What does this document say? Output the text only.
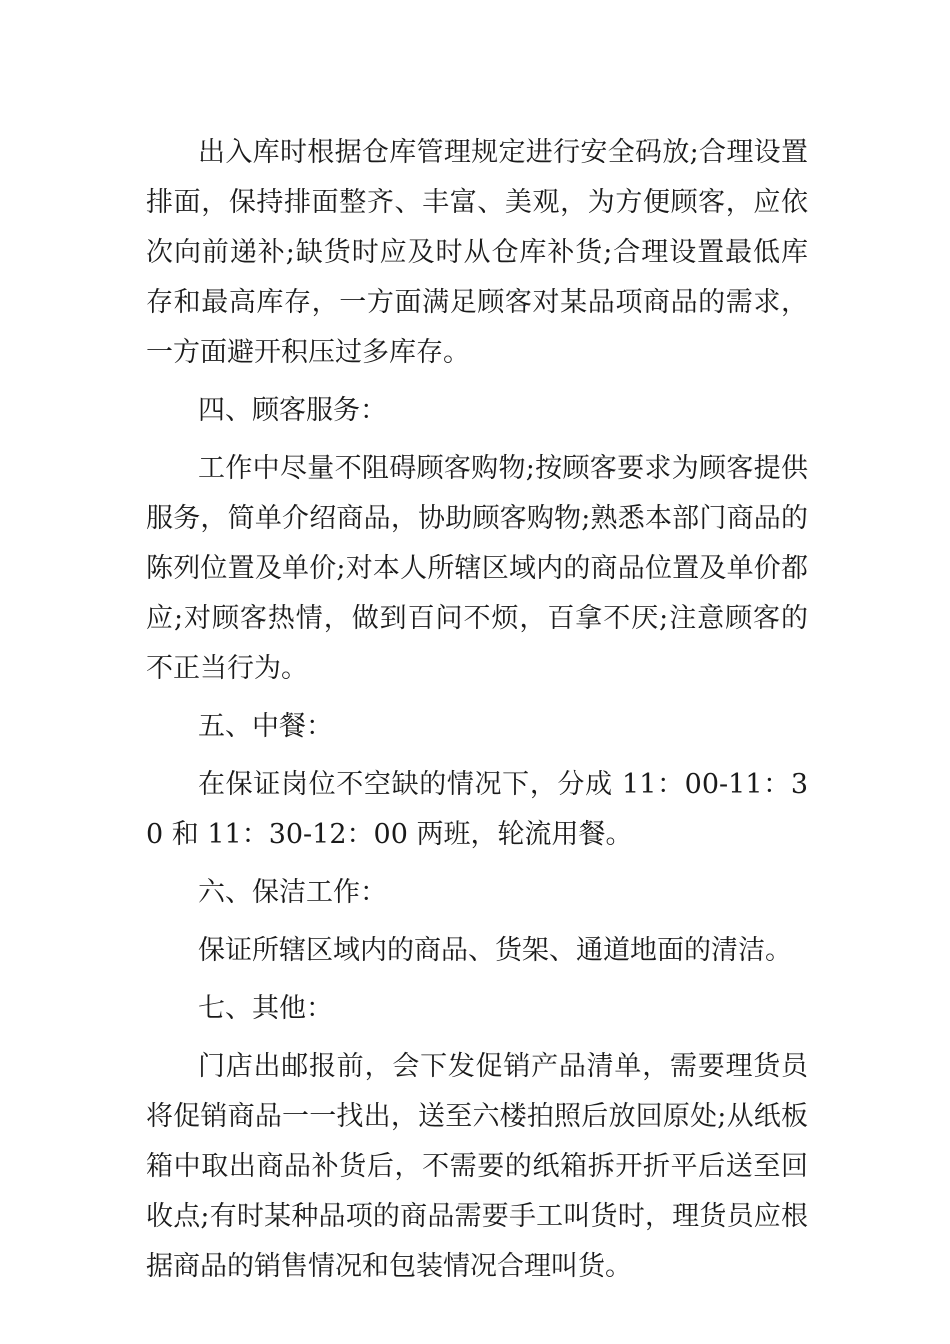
出入库时根据仓库管理规定进行安全码放;合理设置排面，保持排面整齐、丰富、美观，为方便顾客，应依次向前递补;缺货时应及时从仓库补货;合理设置最低库存和最高库存，一方面满足顾客对某品项商品的需求，一方面避开积压过多库存。

四、顾客服务：

工作中尽量不阻碍顾客购物;按顾客要求为顾客提供服务，简单介绍商品，协助顾客购物;熟悉本部门商品的陈列位置及单价;对本人所辖区域内的商品位置及单价都应;对顾客热情，做到百问不烦，百拿不厌;注意顾客的不正当行为。

五、中餐：

在保证岗位不空缺的情况下，分成 11：00-11：30 和 11：30-12：00 两班，轮流用餐。

六、保洁工作：

保证所辖区域内的商品、货架、通道地面的清洁。

七、其他：

门店出邮报前，会下发促销产品清单，需要理货员将促销商品一一找出，送至六楼拍照后放回原处;从纸板箱中取出商品补货后，不需要的纸箱拆开折平后送至回收点;有时某种品项的商品需要手工叫货时，理货员应根据商品的销售情况和包装情况合理叫货。
